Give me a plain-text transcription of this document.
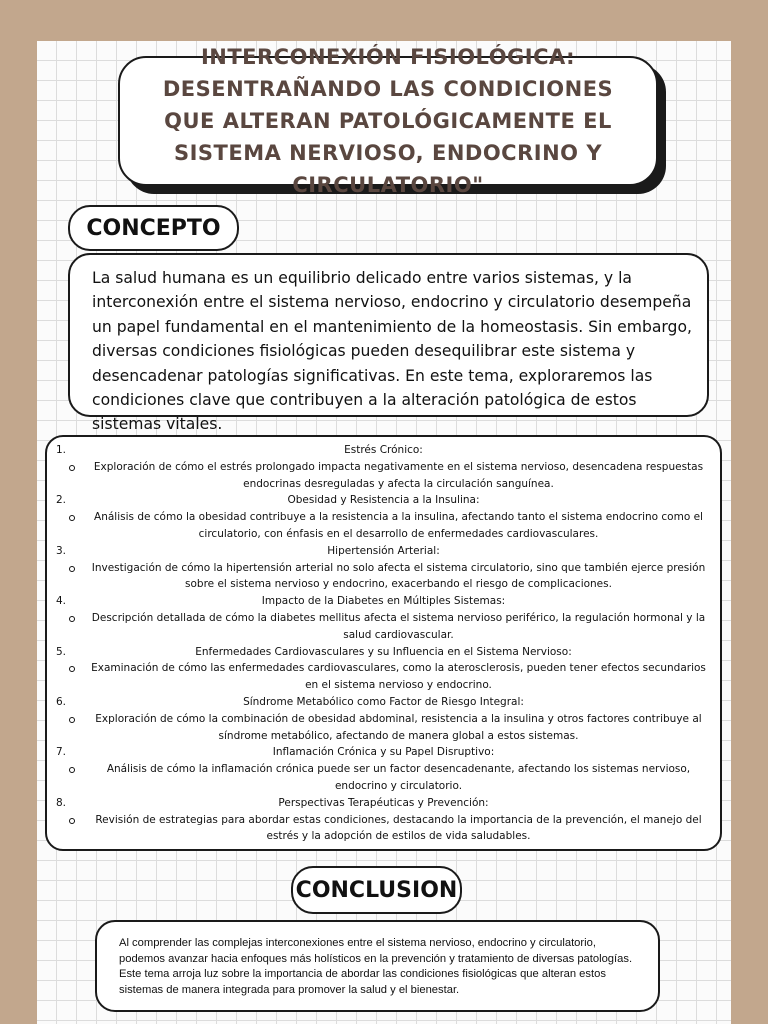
INTERCONEXIÓN FISIOLÓGICA: DESENTRAÑANDO LAS CONDICIONES QUE ALTERAN PATOLÓGICAMENTE EL SISTEMA NERVIOSO, ENDOCRINO Y CIRCULATORIO"
CONCEPTO

La salud humana es un equilibrio delicado entre varios sistemas, y la interconexión entre el sistema nervioso, endocrino y circulatorio desempeña un papel fundamental en el mantenimiento de la homeostasis. Sin embargo, diversas condiciones fisiológicas pueden desequilibrar este sistema y desencadenar patologías significativas. En este tema, exploraremos las condiciones clave que contribuyen a la alteración patológica de estos sistemas vitales.

1.	Estrés Crónico:
Exploración de cómo el estrés prolongado impacta negativamente en el sistema nervioso, desencadena respuestas endocrinas desreguladas y afecta la circulación sanguínea.
2.	Obesidad y Resistencia a la Insulina:
Análisis de cómo la obesidad contribuye a la resistencia a la insulina, afectando tanto el sistema endocrino como el circulatorio, con énfasis en el desarrollo de enfermedades cardiovasculares.
3.	Hipertensión Arterial:
Investigación de cómo la hipertensión arterial no solo afecta el sistema circulatorio, sino que también ejerce presión sobre el sistema nervioso y endocrino, exacerbando el riesgo de complicaciones.
4.	Impacto de la Diabetes en Múltiples Sistemas:
Descripción detallada de cómo la diabetes mellitus afecta el sistema nervioso periférico, la regulación hormonal y la salud cardiovascular.
5.	Enfermedades Cardiovasculares y su Influencia en el Sistema Nervioso:
Examinación de cómo las enfermedades cardiovasculares, como la aterosclerosis, pueden tener efectos secundarios en el sistema nervioso y endocrino.
6.	Síndrome Metabólico como Factor de Riesgo Integral:
Exploración de cómo la combinación de obesidad abdominal, resistencia a la insulina y otros factores contribuye al síndrome metabólico, afectando de manera global a estos sistemas.
7.	Inflamación Crónica y su Papel Disruptivo:
Análisis de cómo la inflamación crónica puede ser un factor desencadenante, afectando los sistemas nervioso, endocrino y circulatorio.
8.	Perspectivas Terapéuticas y Prevención:
Revisión de estrategias para abordar estas condiciones, destacando la importancia de la prevención, el manejo del estrés y la adopción de estilos de vida saludables.
CONCLUSION

Al comprender las complejas interconexiones entre el sistema nervioso, endocrino y circulatorio, podemos avanzar hacia enfoques más holísticos en la prevención y tratamiento de diversas patologías. Este tema arroja luz sobre la importancia de abordar las condiciones fisiológicas que alteran estos sistemas de manera integrada para promover la salud y el bienestar.
